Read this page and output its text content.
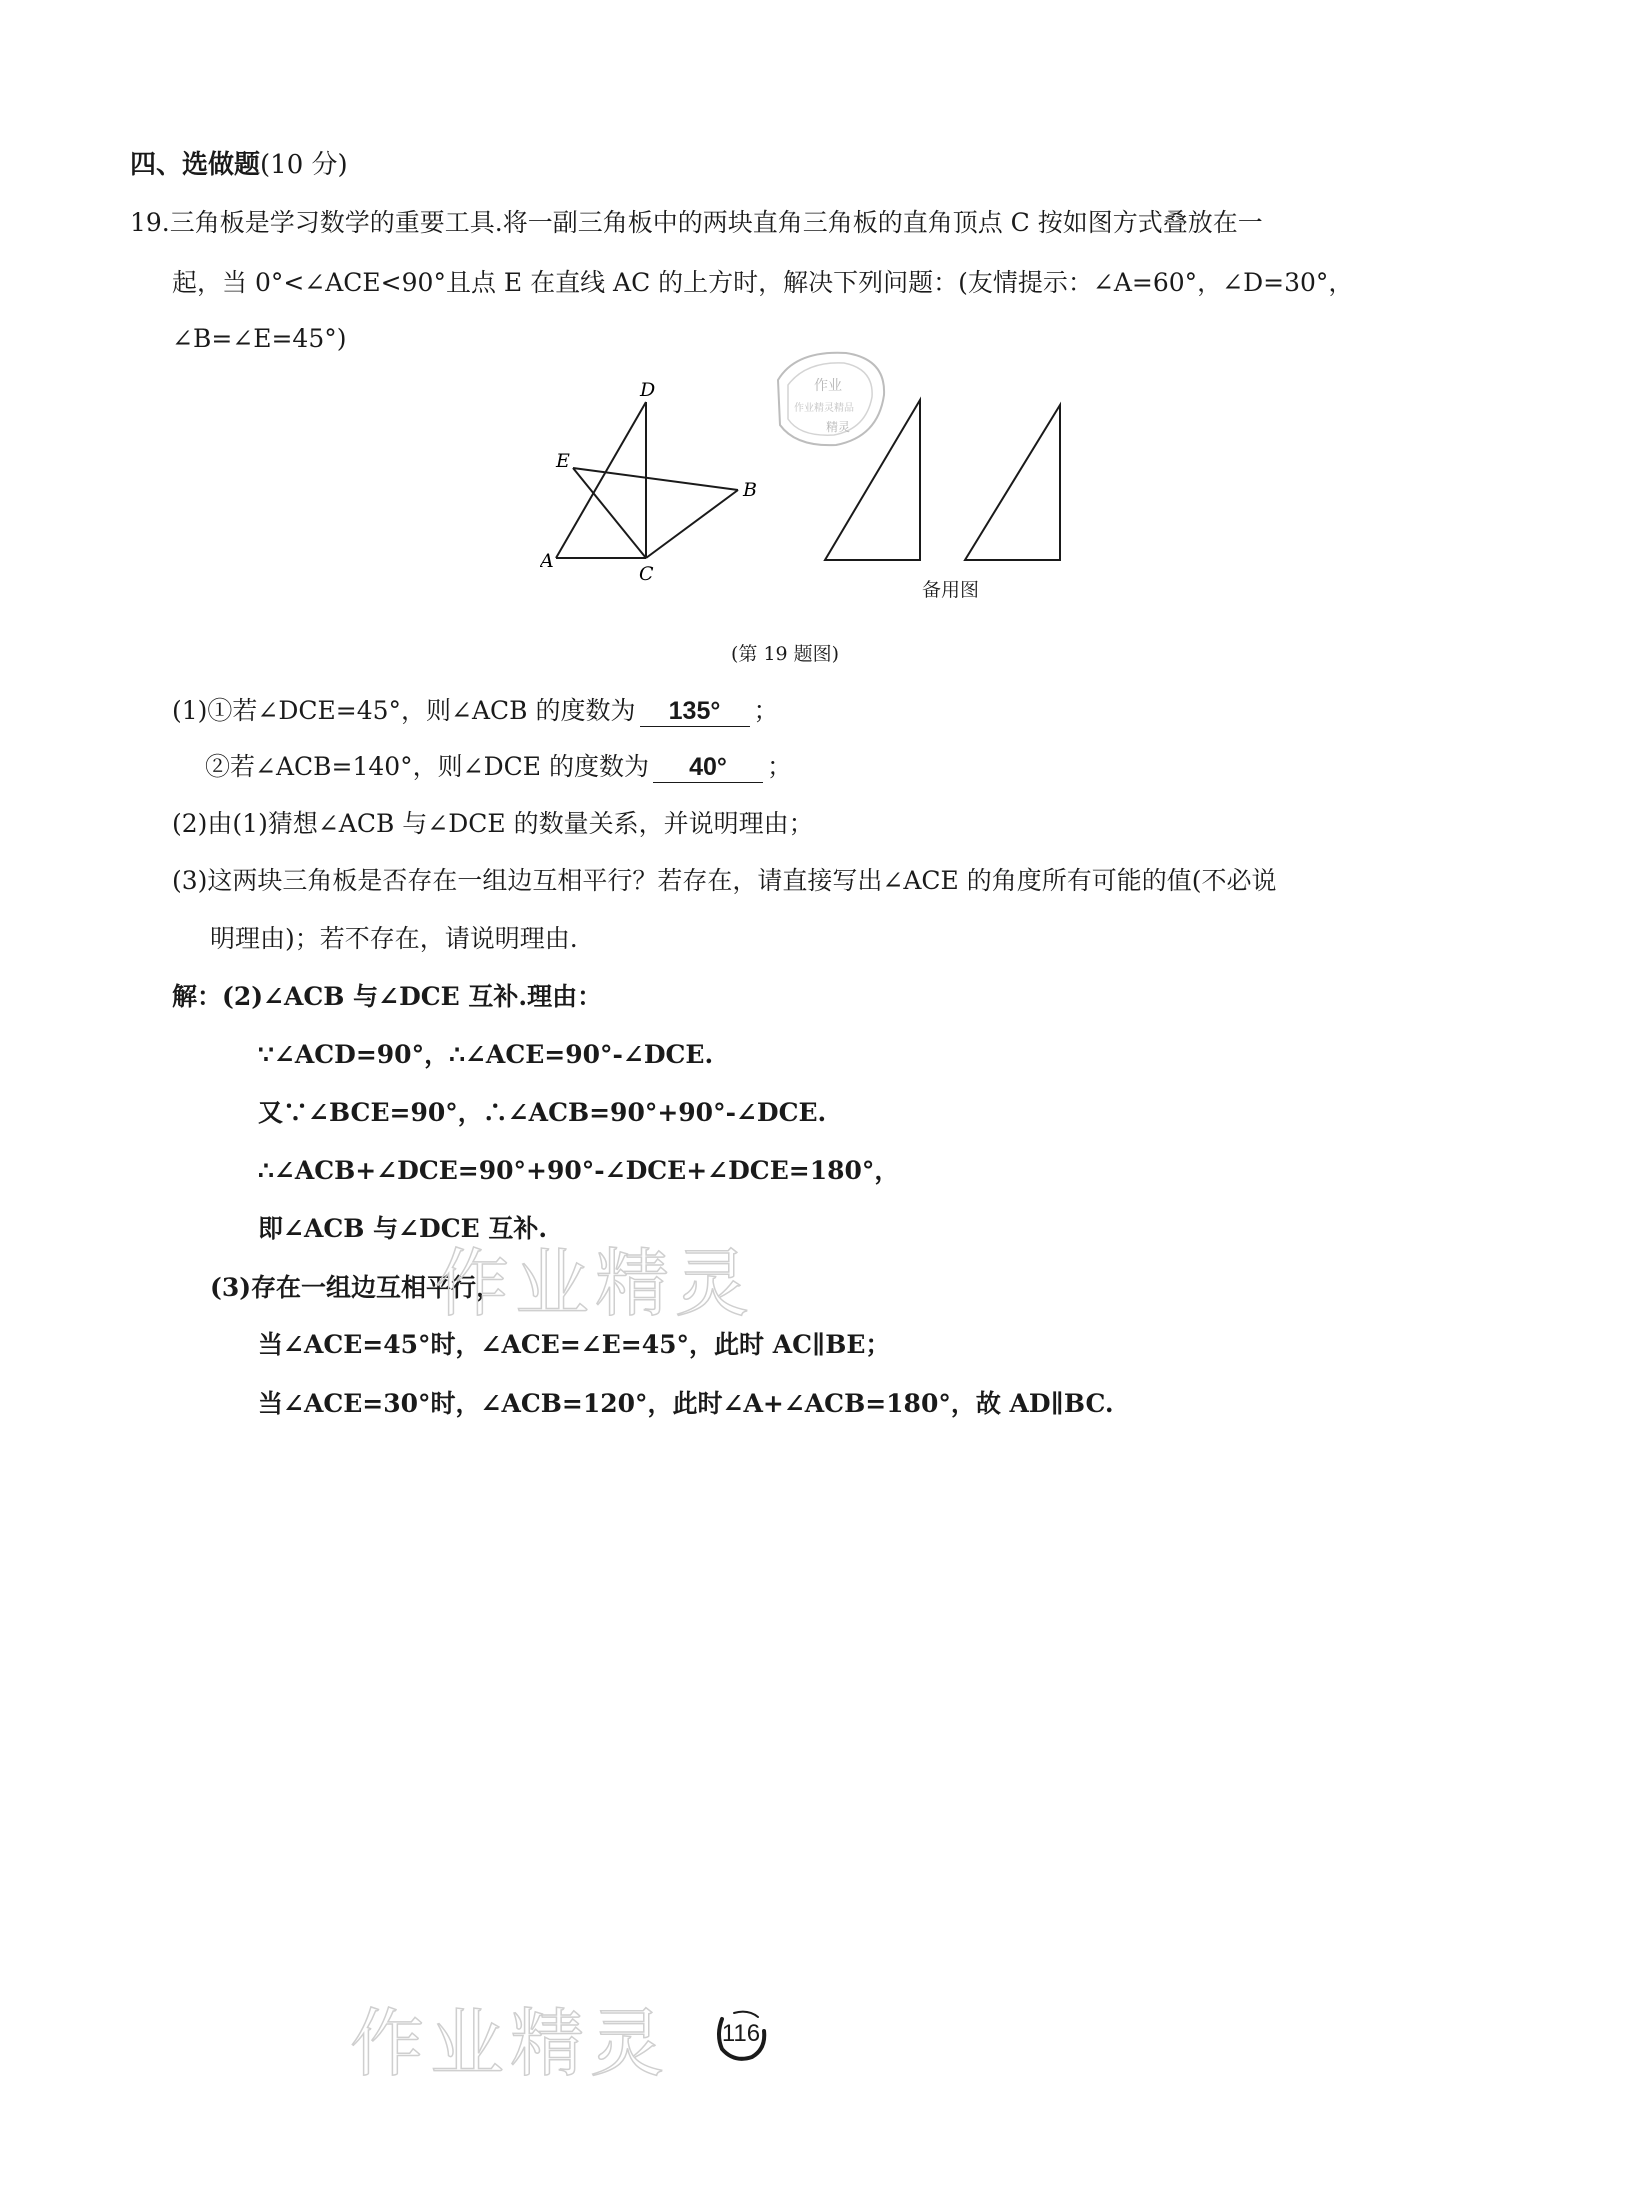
四、选做题(10 分)
19.三角板是学习数学的重要工具.将一副三角板中的两块直角三角板的直角顶点 C 按如图方式叠放在一
起，当 0°<∠ACE<90°且点 E 在直线 AC 的上方时，解决下列问题：(友情提示：∠A=60°，∠D=30°，
∠B=∠E=45°)
D
E
B
A
C
作业
作业精灵精品
精灵
备用图
(第 19 题图)
(1)①若∠DCE=45°，则∠ACB 的度数为 135° ；
②若∠ACB=140°，则∠DCE 的度数为 40° ；
(2)由(1)猜想∠ACB 与∠DCE 的数量关系，并说明理由；
(3)这两块三角板是否存在一组边互相平行？若存在，请直接写出∠ACE 的角度所有可能的值(不必说
明理由)；若不存在，请说明理由.
解：(2)∠ACB 与∠DCE 互补.理由：
∵∠ACD=90°，∴∠ACE=90°-∠DCE.
又∵∠BCE=90°，∴∠ACB=90°+90°-∠DCE.
∴∠ACB+∠DCE=90°+90°-∠DCE+∠DCE=180°，
即∠ACB 与∠DCE 互补.
(3)存在一组边互相平行，
当∠ACE=45°时，∠ACE=∠E=45°，此时 AC∥BE；
当∠ACE=30°时，∠ACB=120°，此时∠A+∠ACB=180°，故 AD∥BC.
作业精灵
作业精灵 116
